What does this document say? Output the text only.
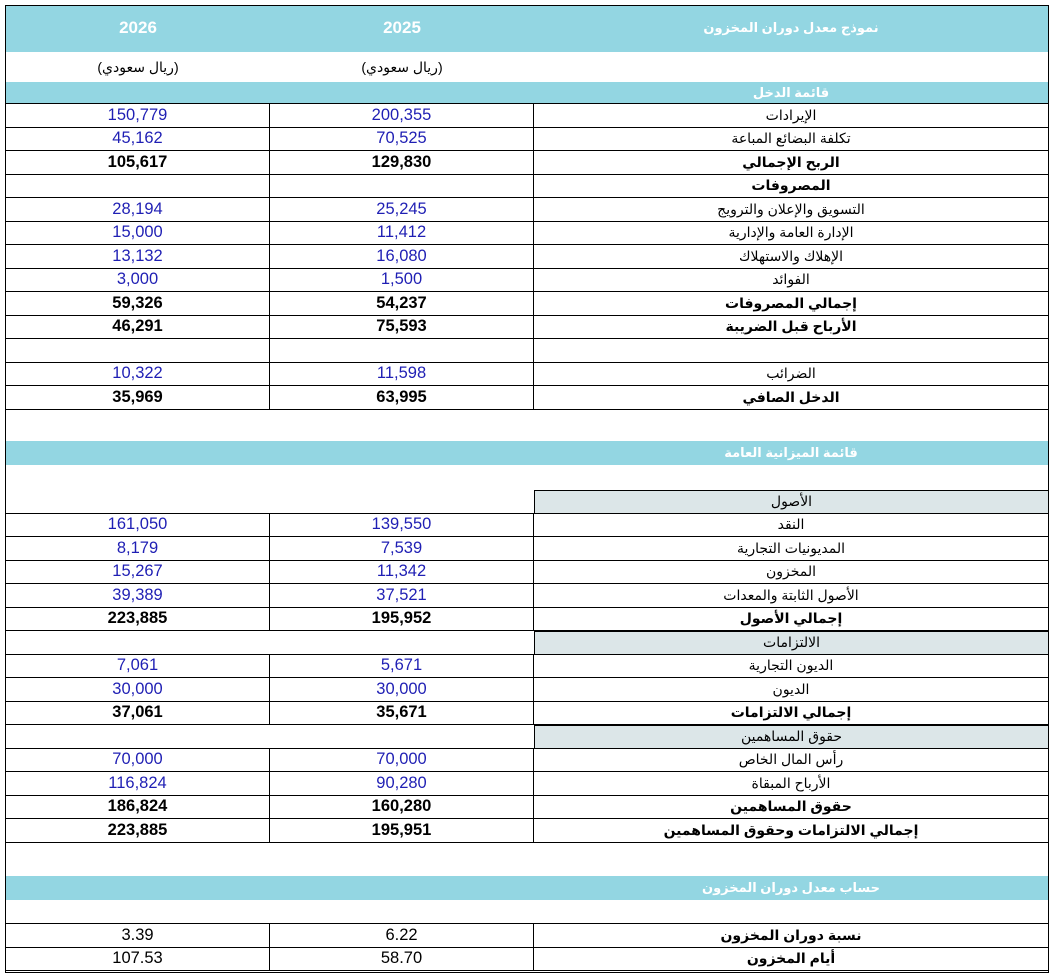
2026	2025	نموذج معدل دوران المخزون
(ريال سعودي)	(ريال سعودي)
قائمة الدخل
150,779	200,355	الإيرادات
45,162	70,525	تكلفة البضائع المباعة
105,617	129,830	الربح الإجمالي
المصروفات
28,194	25,245	التسويق والإعلان والترويج
15,000	11,412	الإدارة العامة والإدارية
13,132	16,080	الإهلاك والاستهلاك
3,000	1,500	الفوائد
59,326	54,237	إجمالي المصروفات
46,291	75,593	الأرباح قبل الضريبة
10,322	11,598	الضرائب
35,969	63,995	الدخل الصافي
قائمة الميزانية العامة
الأصول
161,050	139,550	النقد
8,179	7,539	المديونيات التجارية
15,267	11,342	المخزون
39,389	37,521	الأصول الثابتة والمعدات
223,885	195,952	إجمالي الأصول
الالتزامات
7,061	5,671	الديون التجارية
30,000	30,000	الديون
37,061	35,671	إجمالي الالتزامات
حقوق المساهمين
70,000	70,000	رأس المال الخاص
116,824	90,280	الأرباح المبقاة
186,824	160,280	حقوق المساهمين
223,885	195,951	إجمالي الالتزامات وحقوق المساهمين
حساب معدل دوران المخزون
3.39	6.22	نسبة دوران المخزون
107.53	58.70	أيام المخزون
